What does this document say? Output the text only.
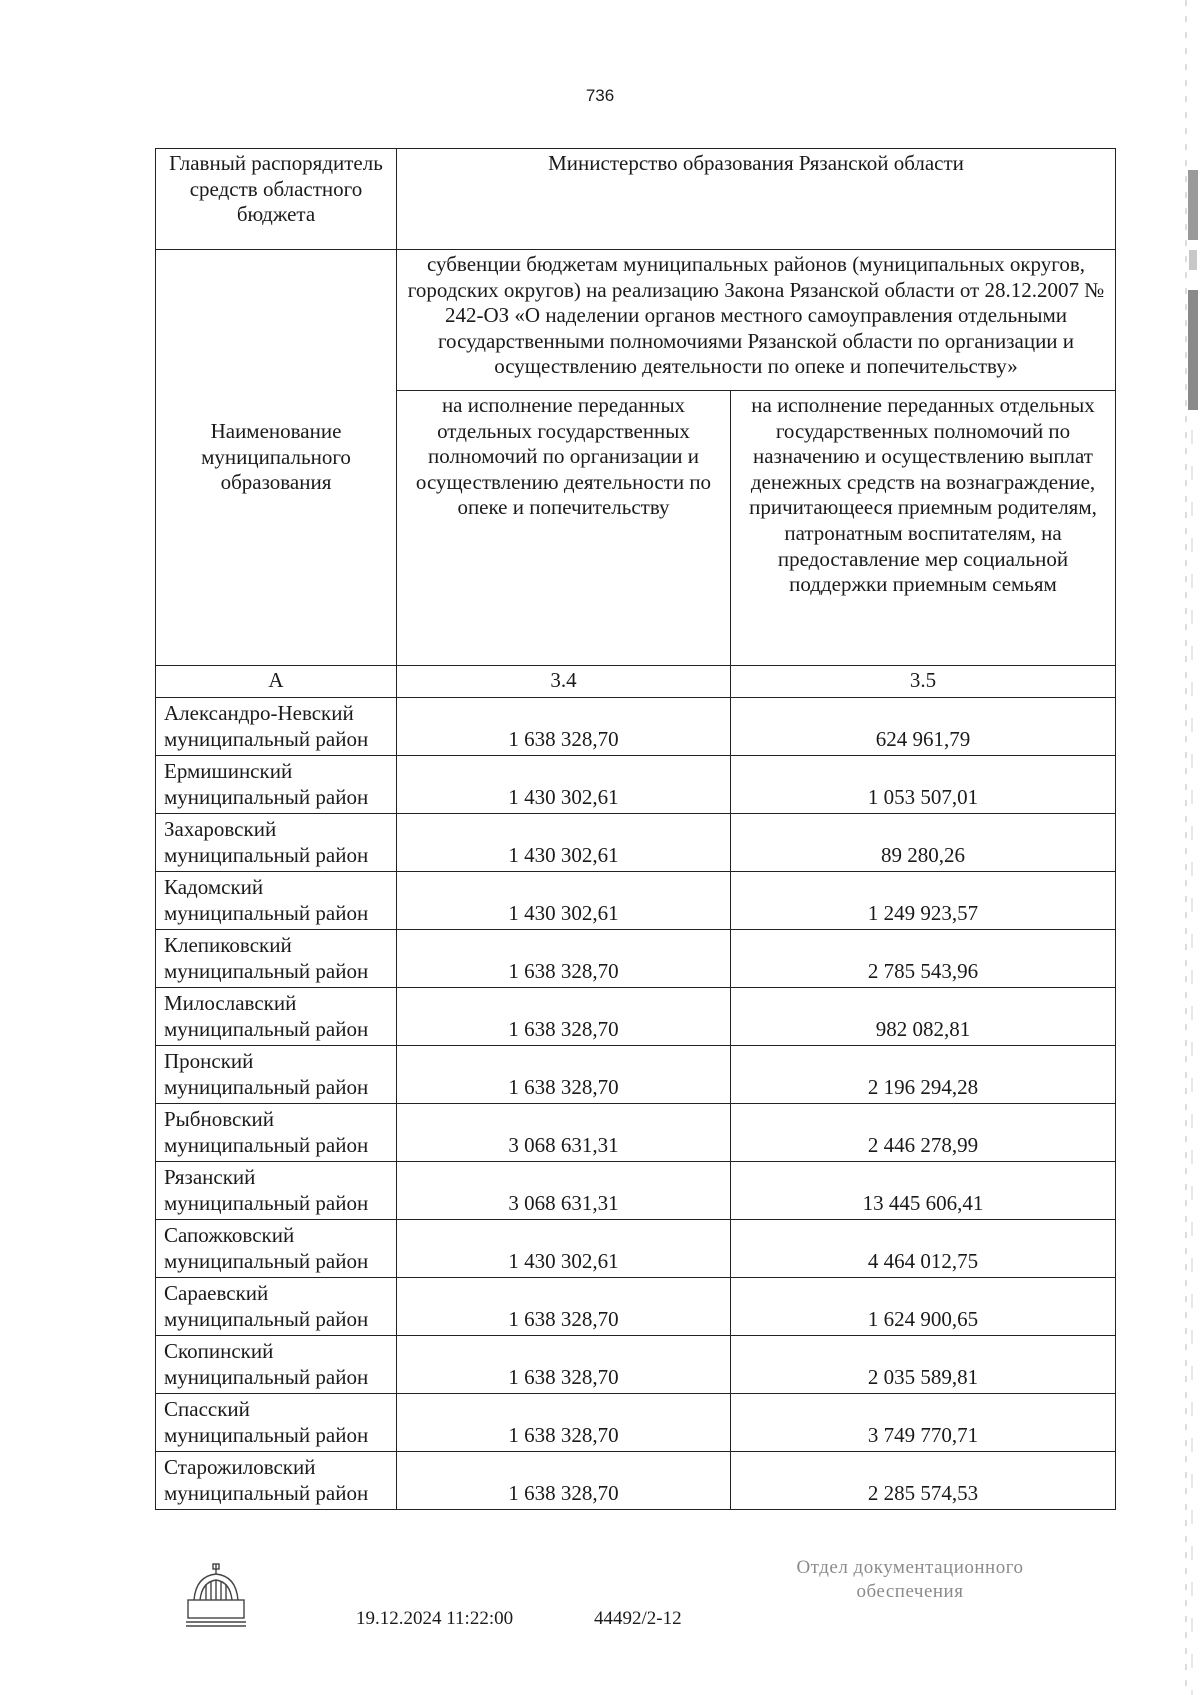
736
Главный распорядитель средств областного бюджета	Министерство образования Рязанской области	
Наименование муниципального образования	субвенции бюджетам муниципальных районов (муниципальных округов, городских округов) на реализацию Закона Рязанской области от 28.12.2007 № 242-ОЗ «О наделении органов местного самоуправления отдельными государственными полномочиями Рязанской области по организации и осуществлению деятельности по опеке и попечительству»	
	на исполнение переданных отдельных государственных полномочий по организации и осуществлению деятельности по опеке и попечительству	на исполнение переданных отдельных государственных полномочий по назначению и осуществлению выплат денежных средств на вознаграждение, причитающееся приемным родителям, патронатным воспитателям, на предоставление мер социальной поддержки приемным семьям
А	3.4	3.5

Александро-Невский
муниципальный район	1 638 328,70	624 961,79

Ермишинский
муниципальный район	1 430 302,61	1 053 507,01

Захаровский
муниципальный район	1 430 302,61	89 280,26

Кадомский
муниципальный район	1 430 302,61	1 249 923,57

Клепиковский
муниципальный район	1 638 328,70	2 785 543,96

Милославский
муниципальный район	1 638 328,70	982 082,81

Пронский
муниципальный район	1 638 328,70	2 196 294,28

Рыбновский
муниципальный район	3 068 631,31	2 446 278,99

Рязанский
муниципальный район	3 068 631,31	13 445 606,41

Сапожковский
муниципальный район	1 430 302,61	4 464 012,75

Сараевский
муниципальный район	1 638 328,70	1 624 900,65

Скопинский
муниципальный район	1 638 328,70	2 035 589,81

Спасский
муниципальный район	1 638 328,70	3 749 770,71

Старожиловский
муниципальный район	1 638 328,70	2 285 574,53
19.12.2024 11:22:00	44492/2-12
Отдел документационного
обеспечения
